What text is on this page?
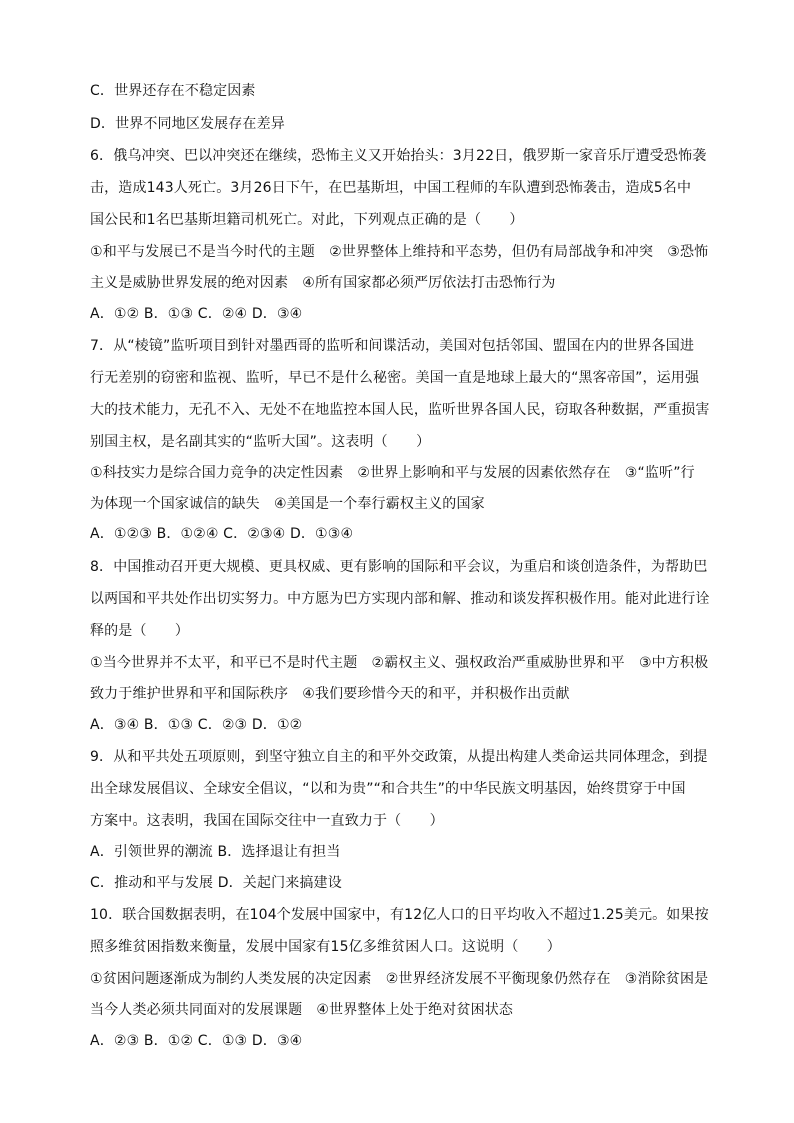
C．世界还存在不稳定因素
D．世界不同地区发展存在差异
6．俄乌冲突、巴以冲突还在继续，恐怖主义又开始抬头：3月22日，俄罗斯一家音乐厅遭受恐怖袭
击，造成143人死亡。3月26日下午，在巴基斯坦，中国工程师的车队遭到恐怖袭击，造成5名中
国公民和1名巴基斯坦籍司机死亡。对此，下列观点正确的是（　　）
①和平与发展已不是当今时代的主题　②世界整体上维持和平态势，但仍有局部战争和冲突　③恐怖
主义是威胁世界发展的绝对因素　④所有国家都必须严厉依法打击恐怖行为
A．①② B．①③ C．②④ D．③④
7．从“棱镜”监听项目到针对墨西哥的监听和间谍活动，美国对包括邻国、盟国在内的世界各国进
行无差别的窃密和监视、监听，早已不是什么秘密。美国一直是地球上最大的“黑客帝国”，运用强
大的技术能力，无孔不入、无处不在地监控本国人民，监听世界各国人民，窃取各种数据，严重损害
别国主权，是名副其实的“监听大国”。这表明（　　）
①科技实力是综合国力竞争的决定性因素　②世界上影响和平与发展的因素依然存在　③“监听”行
为体现一个国家诚信的缺失　④美国是一个奉行霸权主义的国家
A．①②③ B．①②④ C．②③④ D．①③④
8．中国推动召开更大规模、更具权威、更有影响的国际和平会议，为重启和谈创造条件，为帮助巴
以两国和平共处作出切实努力。中方愿为巴方实现内部和解、推动和谈发挥积极作用。能对此进行诠
释的是（　　）
①当今世界并不太平，和平已不是时代主题　②霸权主义、强权政治严重威胁世界和平　③中方积极
致力于维护世界和平和国际秩序　④我们要珍惜今天的和平，并积极作出贡献
A．③④ B．①③ C．②③ D．①②
9．从和平共处五项原则，到坚守独立自主的和平外交政策，从提出构建人类命运共同体理念，到提
出全球发展倡议、全球安全倡议，“以和为贵”“和合共生”的中华民族文明基因，始终贯穿于中国
方案中。这表明，我国在国际交往中一直致力于（　　）
A．引领世界的潮流 B．选择退让有担当
C．推动和平与发展 D．关起门来搞建设
10．联合国数据表明，在104个发展中国家中，有12亿人口的日平均收入不超过1.25美元。如果按
照多维贫困指数来衡量，发展中国家有15亿多维贫困人口。这说明（　　）
①贫困问题逐渐成为制约人类发展的决定因素　②世界经济发展不平衡现象仍然存在　③消除贫困是
当今人类必须共同面对的发展课题　④世界整体上处于绝对贫困状态
A．②③ B．①② C．①③ D．③④
